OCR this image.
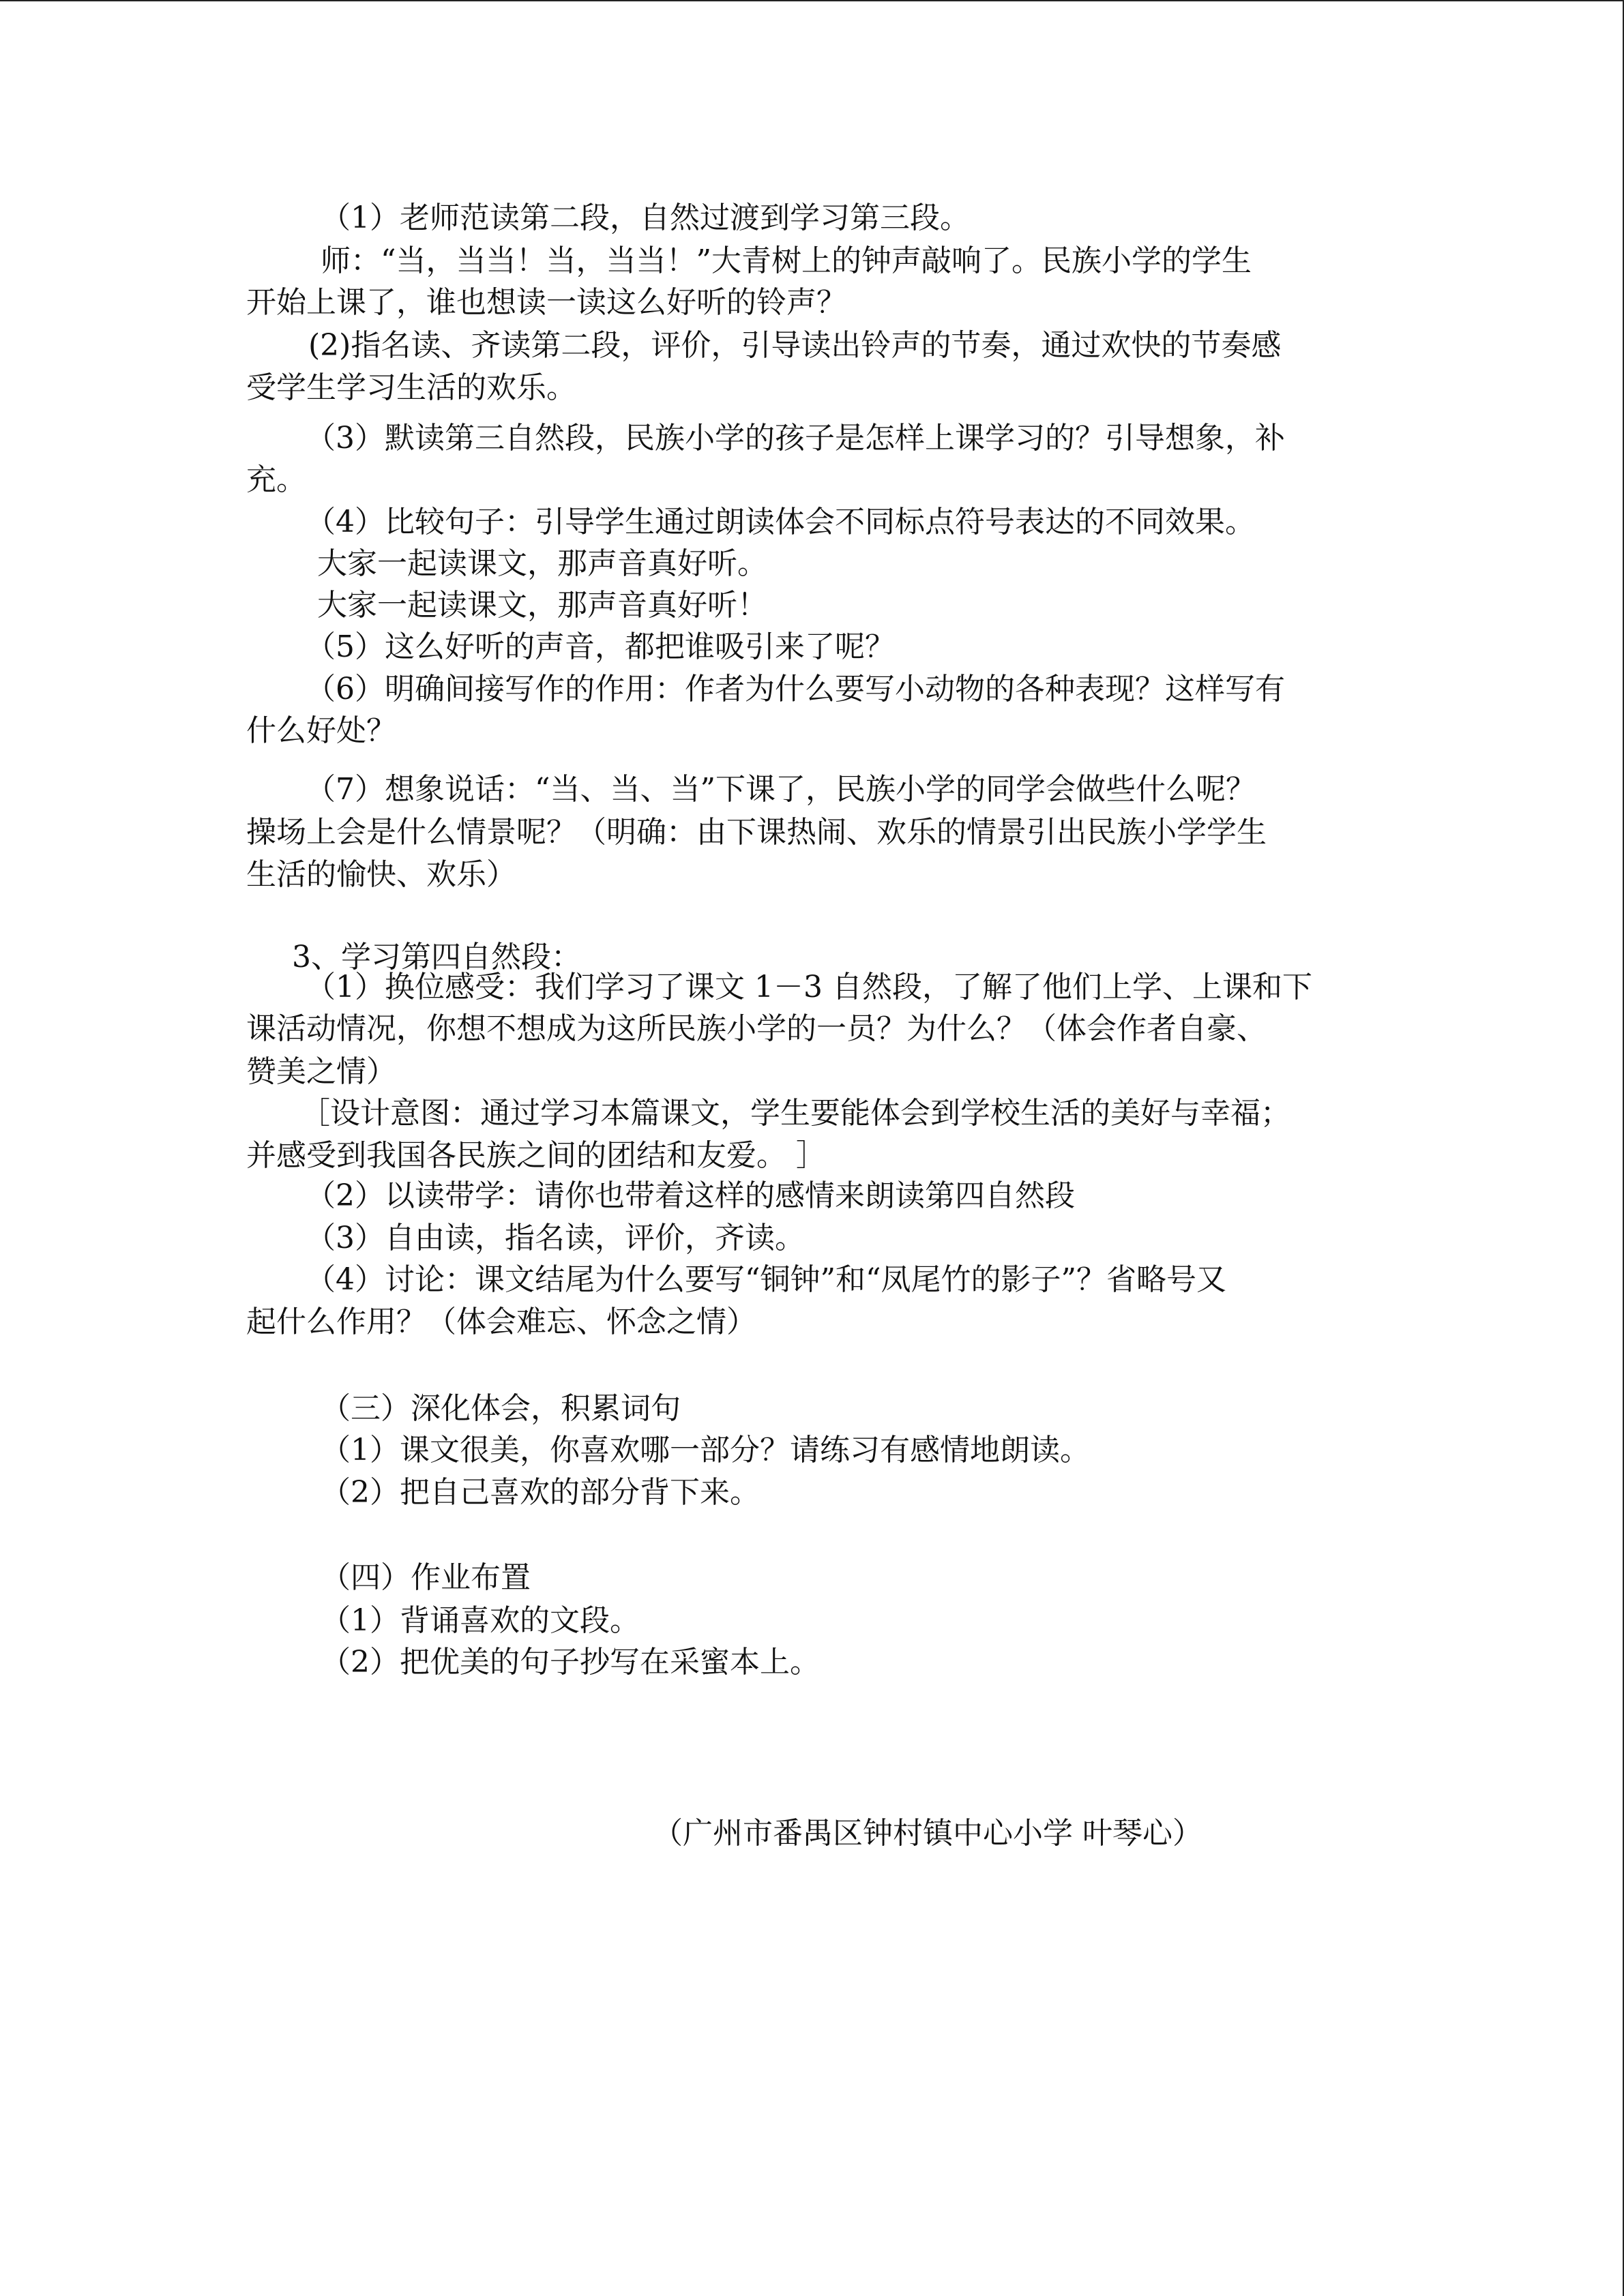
（1）老师范读第二段，自然过渡到学习第三段。
师：“当，当当！当，当当！”大青树上的钟声敲响了。民族小学的学生
开始上课了，谁也想读一读这么好听的铃声？
(2)指名读、齐读第二段，评价，引导读出铃声的节奏，通过欢快的节奏感
受学生学习生活的欢乐。
（3）默读第三自然段，民族小学的孩子是怎样上课学习的？引导想象，补
充。
（4）比较句子：引导学生通过朗读体会不同标点符号表达的不同效果。
大家一起读课文，那声音真好听。
大家一起读课文，那声音真好听！
（5）这么好听的声音，都把谁吸引来了呢？
（6）明确间接写作的作用：作者为什么要写小动物的各种表现？这样写有
什么好处？
（7）想象说话：“当、当、当”下课了，民族小学的同学会做些什么呢？
操场上会是什么情景呢？（明确：由下课热闹、欢乐的情景引出民族小学学生
生活的愉快、欢乐）
3、学习第四自然段：
（1）换位感受：我们学习了课文 1－3 自然段，了解了他们上学、上课和下
课活动情况，你想不想成为这所民族小学的一员？为什么？（体会作者自豪、
赞美之情）
［设计意图：通过学习本篇课文，学生要能体会到学校生活的美好与幸福；
并感受到我国各民族之间的团结和友爱。 ］
（2）以读带学：请你也带着这样的感情来朗读第四自然段
（3）自由读，指名读，评价，齐读。
（4）讨论：课文结尾为什么要写“铜钟”和“凤尾竹的影子”？省略号又
起什么作用？（体会难忘、怀念之情）
（三）深化体会，积累词句
（1）课文很美，你喜欢哪一部分？请练习有感情地朗读。
（2）把自己喜欢的部分背下来。
（四）作业布置
（1）背诵喜欢的文段。
（2）把优美的句子抄写在采蜜本上。
（广州市番禺区钟村镇中心小学 叶琴心）
